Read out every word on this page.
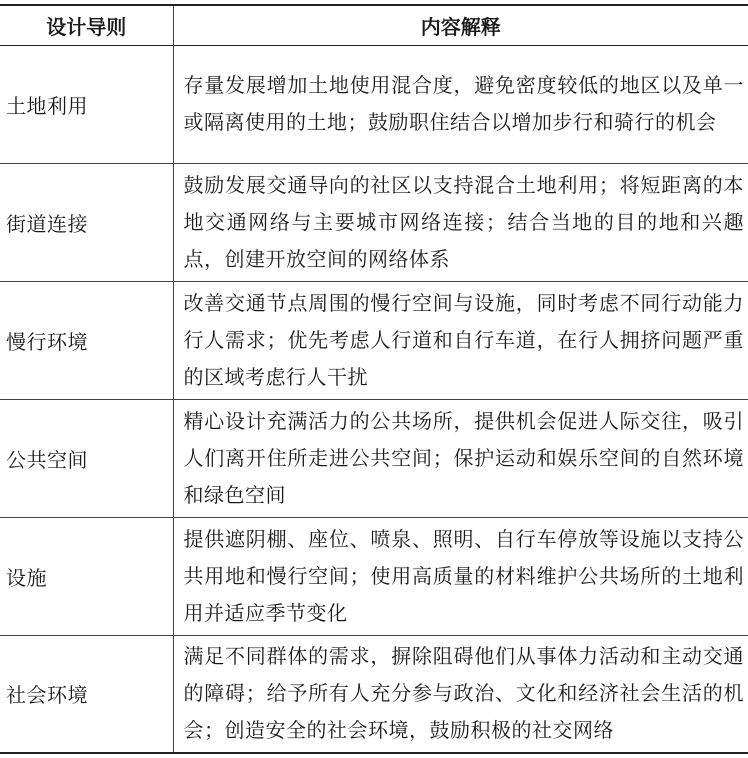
设计导则	内容解释
土地利用	存量发展增加土地使用混合度，避免密度较低的地区以及单一或隔离使用的土地；鼓励职住结合以增加步行和骑行的机会
街道连接	鼓励发展交通导向的社区以支持混合土地利用；将短距离的本地交通网络与主要城市网络连接；结合当地的目的地和兴趣点，创建开放空间的网络体系
慢行环境	改善交通节点周围的慢行空间与设施，同时考虑不同行动能力行人需求；优先考虑人行道和自行车道，在行人拥挤问题严重的区域考虑行人干扰
公共空间	精心设计充满活力的公共场所，提供机会促进人际交往，吸引人们离开住所走进公共空间；保护运动和娱乐空间的自然环境和绿色空间
设施	提供遮阴棚、座位、喷泉、照明、自行车停放等设施以支持公共用地和慢行空间；使用高质量的材料维护公共场所的土地利用并适应季节变化
社会环境	满足不同群体的需求，摒除阻碍他们从事体力活动和主动交通的障碍；给予所有人充分参与政治、文化和经济社会生活的机会；创造安全的社会环境，鼓励积极的社交网络
